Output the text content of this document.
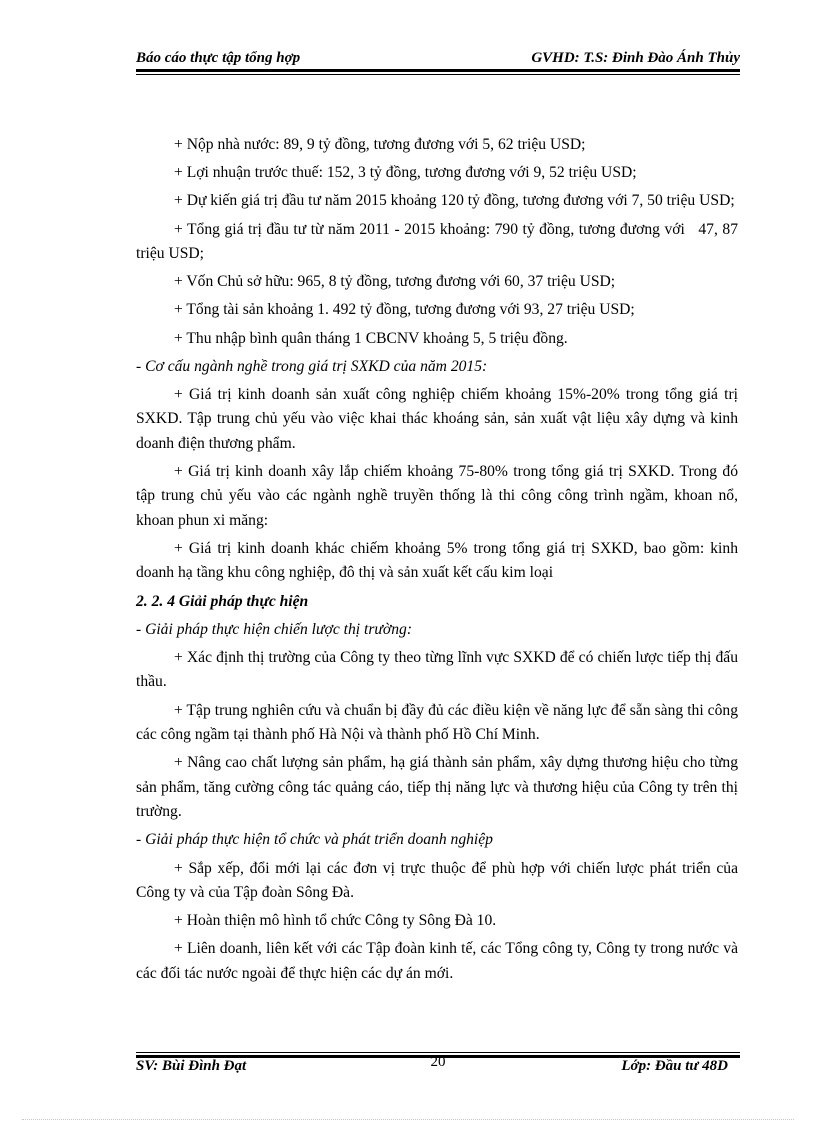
Báo cáo thực tập tổng hợp	GVHD: T.S: Đinh Đào Ánh Thủy

+ Nộp nhà nước: 89, 9 tỷ đồng, tương đương với 5, 62 triệu USD;

+ Lợi nhuận trước thuế: 152, 3 tỷ đồng, tương đương với 9, 52 triệu USD;

+ Dự kiến giá trị đầu tư năm 2015 khoảng 120 tỷ đồng, tương đương với 7, 50 triệu USD;

+ Tổng giá trị đầu tư từ năm 2011 - 2015 khoảng: 790 tỷ đồng, tương đương với   47, 87 triệu USD;

+ Vốn Chủ sở hữu: 965, 8 tỷ đồng, tương đương với 60, 37 triệu USD;

+ Tổng tài sản khoảng 1. 492 tỷ đồng, tương đương với 93, 27 triệu USD;

+ Thu nhập bình quân tháng 1 CBCNV khoảng 5, 5 triệu đồng.

- Cơ cấu ngành nghề trong giá trị SXKD của năm 2015:

+ Giá trị kinh doanh sản xuất công nghiệp chiếm khoảng 15%-20% trong tổng giá trị SXKD. Tập trung chủ yếu vào việc khai thác khoáng sản, sản xuất vật liệu xây dựng và kinh doanh điện thương phẩm.

+ Giá trị kinh doanh xây lắp chiếm khoảng 75-80% trong tổng giá trị SXKD. Trong đó tập trung chủ yếu vào các ngành nghề truyền thống là thi công công trình ngầm, khoan nổ, khoan phun xi măng:

+ Giá trị kinh doanh khác chiếm khoảng 5% trong tổng giá trị SXKD, bao gồm: kinh doanh hạ tầng khu công nghiệp, đô thị và sản xuất kết cấu kim loại

2. 2. 4 Giải pháp thực hiện

- Giải pháp thực hiện chiến lược thị trường:

+ Xác định thị trường của Công ty theo từng lĩnh vực SXKD để có chiến lược tiếp thị đấu thầu.

+ Tập trung nghiên cứu và chuẩn bị đầy đủ các điều kiện về năng lực để sẵn sàng thi công các công ngầm tại thành phố Hà Nội và thành phố Hồ Chí Minh.

+ Nâng cao chất lượng sản phẩm, hạ giá thành sản phẩm, xây dựng thương hiệu cho từng sản phẩm, tăng cường công tác quảng cáo, tiếp thị năng lực và thương hiệu của Công ty trên thị trường.

- Giải pháp thực hiện tổ chức và phát triển doanh nghiệp

+ Sắp xếp, đổi mới lại các đơn vị trực thuộc để phù hợp với chiến lược phát triển của Công ty và của Tập đoàn Sông Đà.

+ Hoàn thiện mô hình tổ chức Công ty Sông Đà 10.

+ Liên doanh, liên kết với các Tập đoàn kinh tế, các Tổng công ty, Công ty trong nước và các đối tác nước ngoài để thực hiện các dự án mới.

SV: Bùi Đình Đạt	20	Lớp: Đầu tư 48D
